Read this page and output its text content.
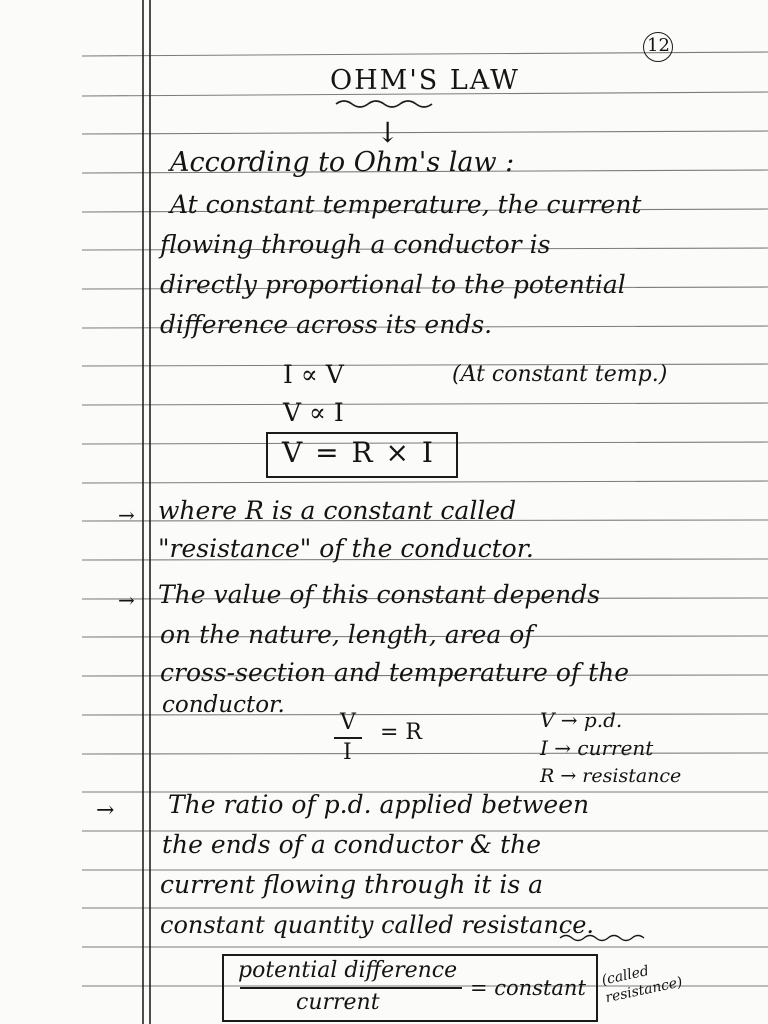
12
OHM'S LAW
↓
According to Ohm's law :
At constant temperature, the current
flowing through a conductor is
directly proportional to the potential
difference across its ends.
I ∝ V	(At constant temp.)
V ∝ I
V = R × I
→ where R is a constant called
"resistance" of the conductor.
→ The value of this constant depends
on the nature, length, area of
cross-section and temperature of the
conductor.
V
I
= R	V → p.d.
I → current
R → resistance
→ The ratio of p.d. applied between
the ends of a conductor & the
current flowing through it is a
constant quantity called resistance.
potential difference
current
= constant (called resistance)
